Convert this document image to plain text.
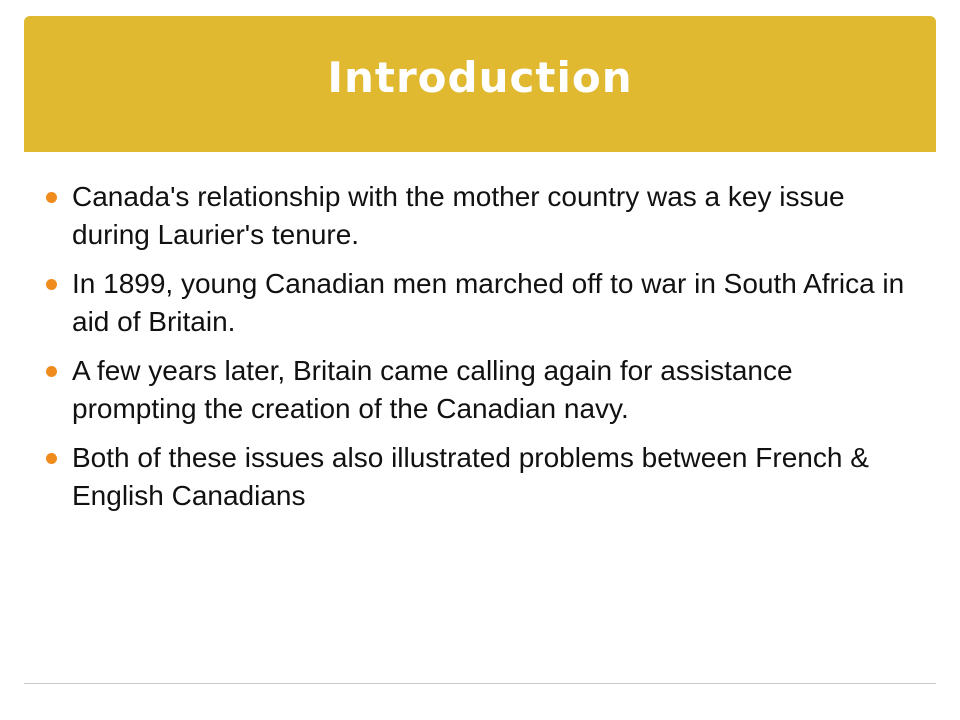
Introduction
Canada's relationship with the mother country was a key issue during Laurier's tenure.
In 1899, young Canadian men marched off to war in South Africa in aid of Britain.
A few years later, Britain came calling again for assistance prompting the creation of the Canadian navy.
Both of these issues also illustrated problems between French & English Canadians
